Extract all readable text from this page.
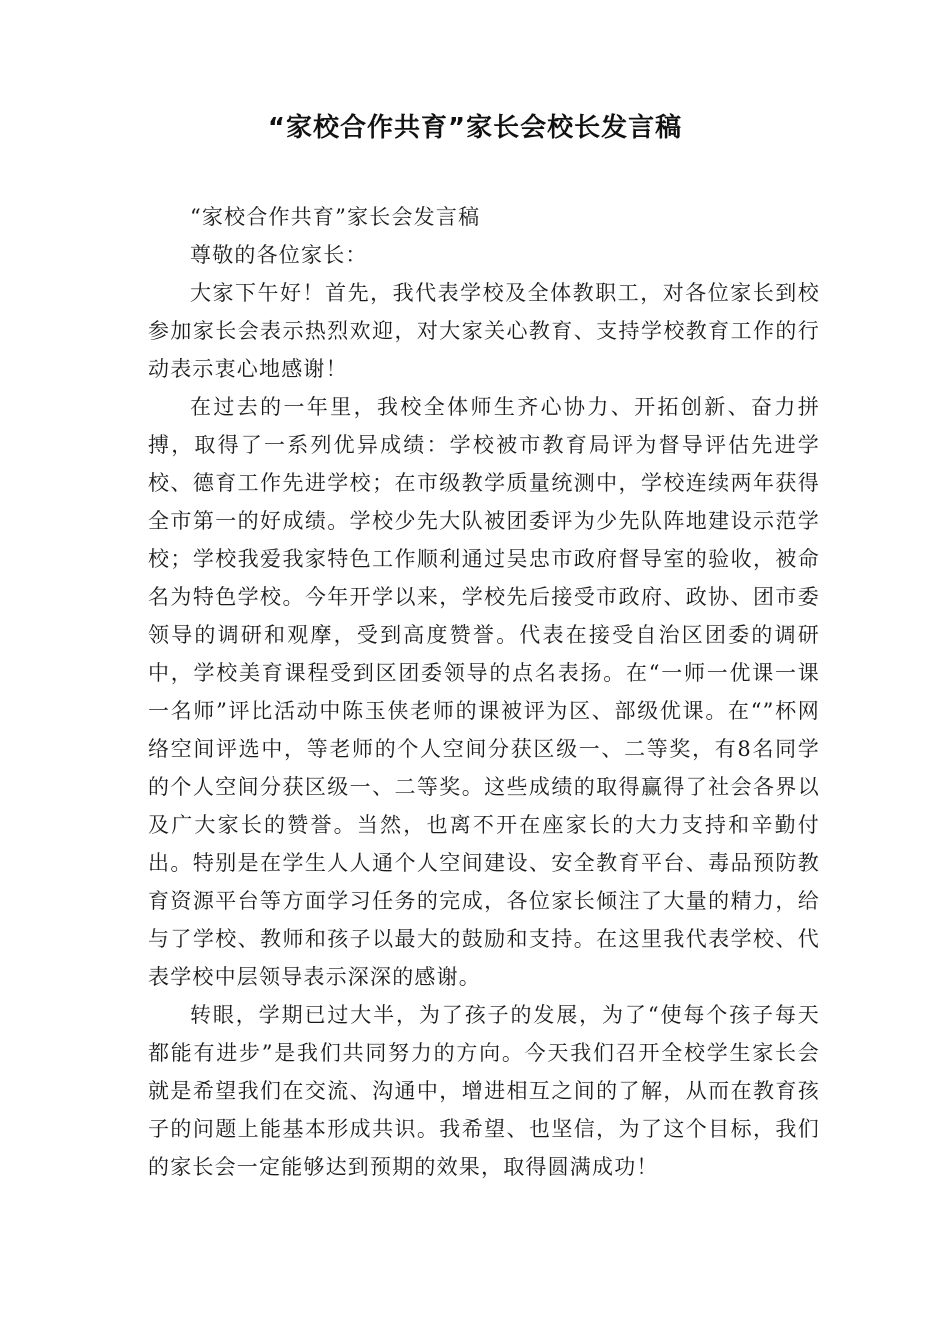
“家校合作共育”家长会校长发言稿

“家校合作共育”家长会发言稿

尊敬的各位家长：

大家下午好！首先，我代表学校及全体教职工，对各位家长到校参加家长会表示热烈欢迎，对大家关心教育、支持学校教育工作的行动表示衷心地感谢！

在过去的一年里，我校全体师生齐心协力、开拓创新、奋力拼搏，取得了一系列优异成绩：学校被市教育局评为督导评估先进学校、德育工作先进学校；在市级教学质量统测中，学校连续两年获得全市第一的好成绩。学校少先大队被团委评为少先队阵地建设示范学校；学校我爱我家特色工作顺利通过吴忠市政府督导室的验收，被命名为特色学校。今年开学以来，学校先后接受市政府、政协、团市委领导的调研和观摩，受到高度赞誉。代表在接受自治区团委的调研中，学校美育课程受到区团委领导的点名表扬。在“一师一优课一课一名师”评比活动中陈玉侠老师的课被评为区、部级优课。在“”杯网络空间评选中，等老师的个人空间分获区级一、二等奖，有8名同学的个人空间分获区级一、二等奖。这些成绩的取得赢得了社会各界以及广大家长的赞誉。当然，也离不开在座家长的大力支持和辛勤付出。特别是在学生人人通个人空间建设、安全教育平台、毒品预防教育资源平台等方面学习任务的完成，各位家长倾注了大量的精力，给与了学校、教师和孩子以最大的鼓励和支持。在这里我代表学校、代表学校中层领导表示深深的感谢。

转眼，学期已过大半，为了孩子的发展，为了“使每个孩子每天都能有进步”是我们共同努力的方向。今天我们召开全校学生家长会就是希望我们在交流、沟通中，增进相互之间的了解，从而在教育孩子的问题上能基本形成共识。我希望、也坚信，为了这个目标，我们的家长会一定能够达到预期的效果，取得圆满成功！
